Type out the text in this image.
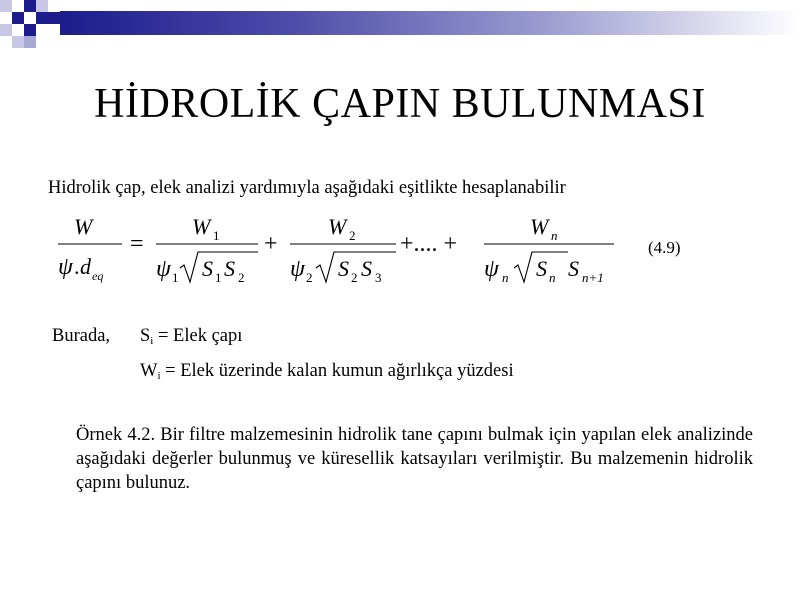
HİDROLİK ÇAPIN BULUNMASI
Hidrolik çap, elek analizi yardımıyla aşağıdaki eşitlikte hesaplanabilir
W
ψ . d eq
=
W 1
ψ 1 S 1 S 2
+
W 2
ψ 2 S 2 S 3
+.... +
W n
ψ n S n S n+1
(4.9)
Burada, $S_i$ = Elek çapı
$W_i$ = Elek üzerinde kalan kumun ağırlıkça yüzdesi
Örnek 4.2. Bir filtre malzemesinin hidrolik tane çapını bulmak için yapılan elek analizinde aşağıdaki değerler bulunmuş ve küresellik katsayıları verilmiştir. Bu malzemenin hidrolik çapını bulunuz.
